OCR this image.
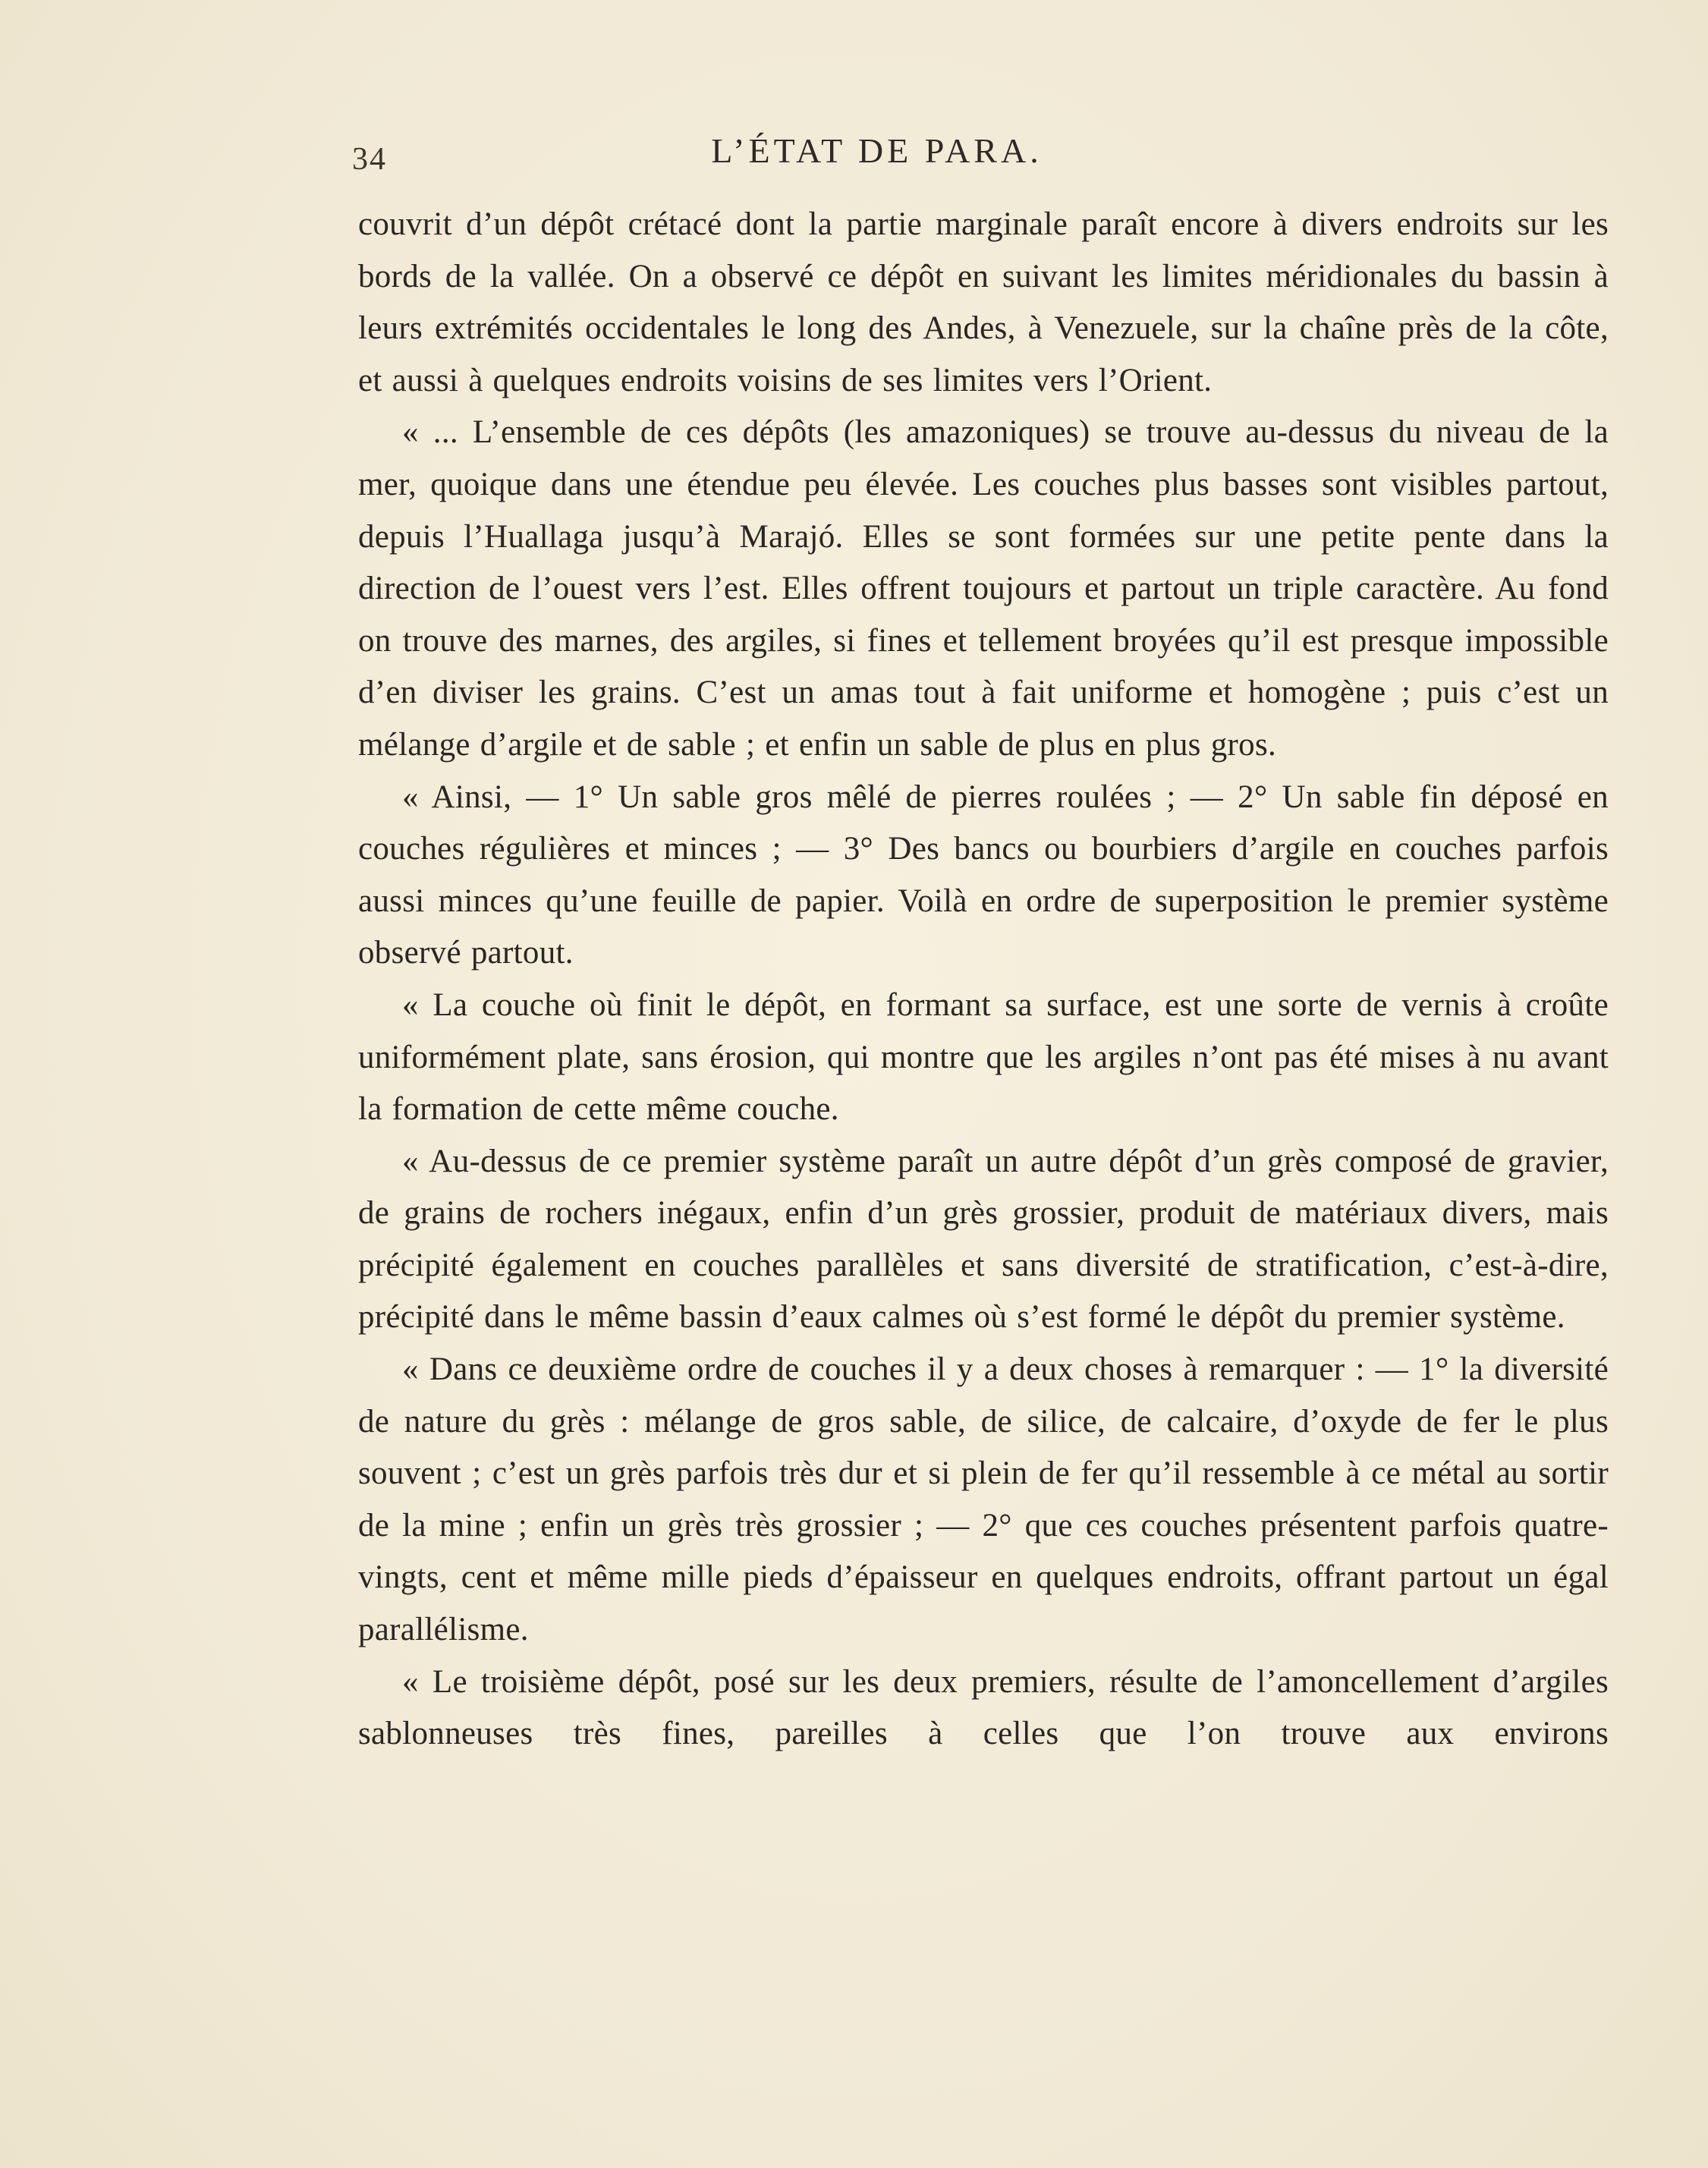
34	L’ÉTAT DE PARA.

couvrit d’un dépôt crétacé dont la partie marginale paraît encore à divers endroits sur les bords de la vallée. On a observé ce dépôt en suivant les limites méridionales du bassin à leurs extrémités occidentales le long des Andes, à Venezuele, sur la chaîne près de la côte, et aussi à quelques endroits voisins de ses limites vers l’Orient.

« ... L’ensemble de ces dépôts (les amazoniques) se trouve au-dessus du niveau de la mer, quoique dans une étendue peu élevée. Les couches plus basses sont visibles partout, depuis l’Huallaga jusqu’à Marajó. Elles se sont formées sur une petite pente dans la direction de l’ouest vers l’est. Elles offrent toujours et partout un triple caractère. Au fond on trouve des marnes, des argiles, si fines et tellement broyées qu’il est presque impossible d’en diviser les grains. C’est un amas tout à fait uniforme et homogène ; puis c’est un mélange d’argile et de sable ; et enfin un sable de plus en plus gros.

« Ainsi, — 1° Un sable gros mêlé de pierres roulées ; — 2° Un sable fin déposé en couches régulières et minces ; — 3° Des bancs ou bourbiers d’argile en couches parfois aussi minces qu’une feuille de papier. Voilà en ordre de superposition le premier système observé partout.

« La couche où finit le dépôt, en formant sa surface, est une sorte de vernis à croûte uniformément plate, sans érosion, qui montre que les argiles n’ont pas été mises à nu avant la formation de cette même couche.

« Au-dessus de ce premier système paraît un autre dépôt d’un grès composé de gravier, de grains de rochers inégaux, enfin d’un grès grossier, produit de matériaux divers, mais précipité également en couches parallèles et sans diversité de stratification, c’est-à-dire, précipité dans le même bassin d’eaux calmes où s’est formé le dépôt du premier système.

« Dans ce deuxième ordre de couches il y a deux choses à remarquer : — 1° la diversité de nature du grès : mélange de gros sable, de silice, de calcaire, d’oxyde de fer le plus souvent ; c’est un grès parfois très dur et si plein de fer qu’il ressemble à ce métal au sortir de la mine ; enfin un grès très grossier ; — 2° que ces couches présentent parfois quatre-vingts, cent et même mille pieds d’épaisseur en quelques endroits, offrant partout un égal parallélisme.

« Le troisième dépôt, posé sur les deux premiers, résulte de l’amoncellement d’argiles sablonneuses très fines, pareilles à celles que l’on trouve aux environs
